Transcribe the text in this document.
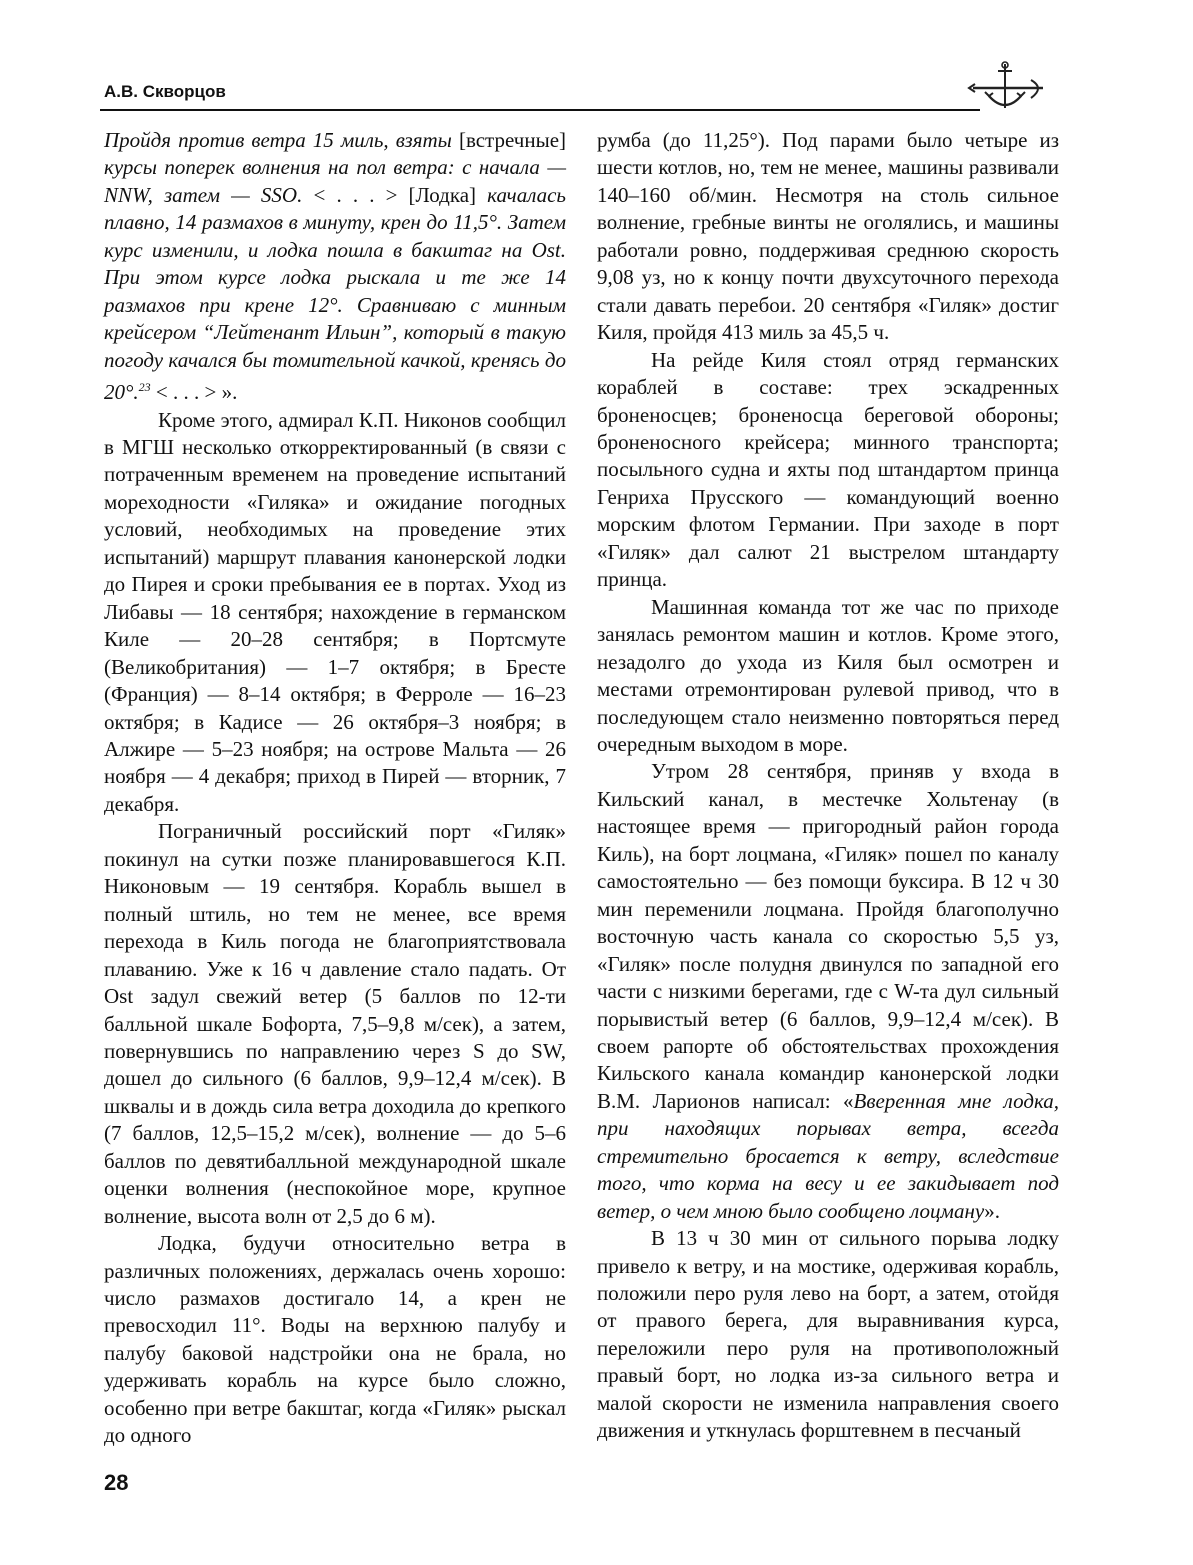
А.В. Скворцов

Пройдя против ветра 15 миль, взяты [встречные] курсы поперек волнения на пол ветра: с начала — NNW, затем — SSO. < . . . > [Лодка] качалась плавно, 14 размахов в минуту, крен до 11,5°. Затем курс изменили, и лодка пошла в бакштаг на Ost. При этом курсе лодка рыскала и те же 14 размахов при крене 12°. Сравниваю с минным крейсером “Лейтенант Ильин”, который в такую погоду качался бы томительной качкой, кренясь до 20°.$^{23}$ < . . . > ».

Кроме этого, адмирал К.П. Никонов сообщил в МГШ несколько откорректированный (в связи с потраченным временем на проведение испытаний мореходности «Гиляка» и ожидание погодных условий, необходимых на проведение этих испытаний) маршрут плавания канонерской лодки до Пирея и сроки пребывания ее в портах. Уход из Либавы — 18 сентября; нахождение в германском Киле — 20–28 сентября; в Портсмуте (Великобритания) — 1–7 октября; в Бресте (Франция) — 8–14 октября; в Ферроле — 16–23 октября; в Кадисе — 26 октября–3 ноября; в Алжире — 5–23 ноября; на острове Мальта — 26 ноября — 4 декабря; приход в Пирей — вторник, 7 декабря.

Пограничный российский порт «Гиляк» покинул на сутки позже планировавшегося К.П. Никоновым — 19 сентября. Корабль вышел в полный штиль, но тем не менее, все время перехода в Киль погода не благоприятствовала плаванию. Уже к 16 ч давление стало падать. От Ost задул свежий ветер (5 баллов по 12-ти балльной шкале Бофорта, 7,5–9,8 м/сек), а затем, повернувшись по направлению через S до SW, дошел до сильного (6 баллов, 9,9–12,4 м/сек). В шквалы и в дождь сила ветра доходила до крепкого (7 баллов, 12,5–15,2 м/сек), волнение — до 5–6 баллов по девятибалльной международной шкале оценки волнения (неспокойное море, крупное волнение, высота волн от 2,5 до 6 м).

Лодка, будучи относительно ветра в различных положениях, держалась очень хорошо: число размахов достигало 14, а крен не превосходил 11°. Воды на верхнюю палубу и палубу баковой надстройки она не брала, но удерживать корабль на курсе было сложно, особенно при ветре бакштаг, когда «Гиляк» рыскал до одного

румба (до 11,25°). Под парами было четыре из шести котлов, но, тем не менее, машины развивали 140–160 об/мин. Несмотря на столь сильное волнение, гребные винты не оголялись, и машины работали ровно, поддерживая среднюю скорость 9,08 уз, но к концу почти двухсуточного перехода стали давать перебои. 20 сентября «Гиляк» достиг Киля, пройдя 413 миль за 45,5 ч.

На рейде Киля стоял отряд германских кораблей в составе: трех эскадренных броненосцев; броненосца береговой обороны; броненосного крейсера; минного транспорта; посыльного судна и яхты под штандартом принца Генриха Прусского — командующий военно морским флотом Германии. При заходе в порт «Гиляк» дал салют 21 выстрелом штандарту принца.

Машинная команда тот же час по приходе занялась ремонтом машин и котлов. Кроме этого, незадолго до ухода из Киля был осмотрен и местами отремонтирован рулевой привод, что в последующем стало неизменно повторяться перед очередным выходом в море.

Утром 28 сентября, приняв у входа в Кильский канал, в местечке Хольтенау (в настоящее время — пригородный район города Киль), на борт лоцмана, «Гиляк» пошел по каналу самостоятельно — без помощи буксира. В 12 ч 30 мин переменили лоцмана. Пройдя благополучно восточную часть канала со скоростью 5,5 уз, «Гиляк» после полудня двинулся по западной его части с низкими берегами, где с W-та дул сильный порывистый ветер (6 баллов, 9,9–12,4 м/сек). В своем рапорте об обстоятельствах прохождения Кильского канала командир канонерской лодки В.М. Ларионов написал: «Вверенная мне лодка, при находящих порывах ветра, всегда стремительно бросается к ветру, вследствие того, что корма на весу и ее закидывает под ветер, о чем мною было сообщено лоцману».

В 13 ч 30 мин от сильного порыва лодку привело к ветру, и на мостике, одерживая корабль, положили перо руля лево на борт, а затем, отойдя от правого берега, для выравнивания курса, переложили перо руля на противоположный правый борт, но лодка из-за сильного ветра и малой скорости не изменила направления своего движения и уткнулась форштевнем в песчаный

28
